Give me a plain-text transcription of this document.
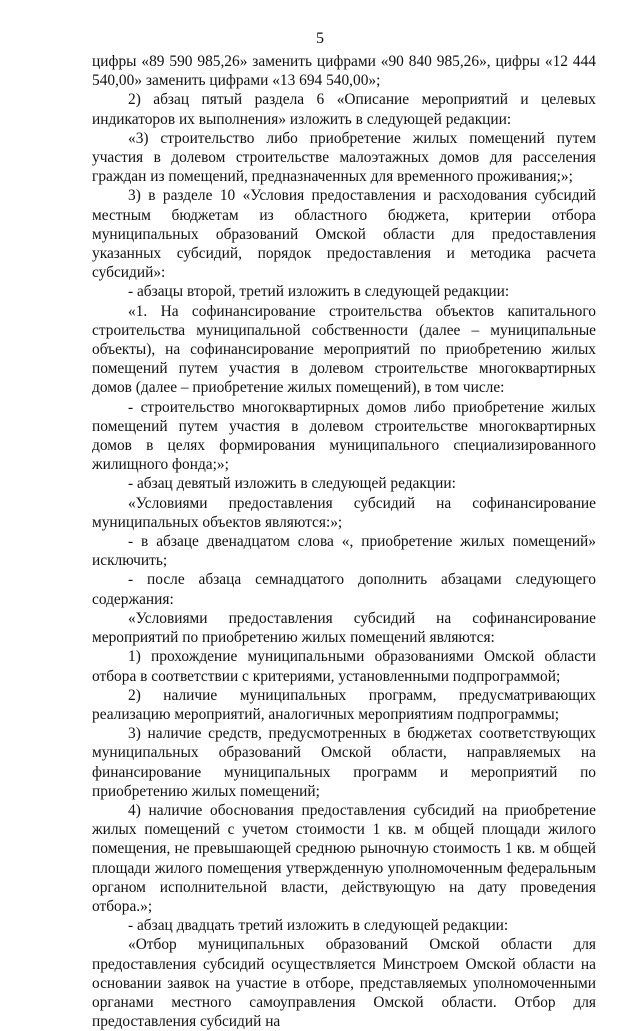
5

цифры «89 590 985,26» заменить цифрами «90 840 985,26», цифры «12 444 540,00» заменить цифрами «13 694 540,00»;

2) абзац пятый раздела 6 «Описание мероприятий и целевых индикаторов их выполнения» изложить в следующей редакции:

«3) строительство либо приобретение жилых помещений путем участия в долевом строительстве малоэтажных домов для расселения граждан из помещений, предназначенных для временного проживания;»;

3) в разделе 10 «Условия предоставления и расходования субсидий местным бюджетам из областного бюджета, критерии отбора муниципальных образований Омской области для предоставления указанных субсидий, порядок предоставления и методика расчета субсидий»:

- абзацы второй, третий изложить в следующей редакции:

«1. На софинансирование строительства объектов капитального строительства муниципальной собственности (далее – муниципальные объекты), на софинансирование мероприятий по приобретению жилых помещений путем участия в долевом строительстве многоквартирных домов (далее – приобретение жилых помещений), в том числе:

- строительство многоквартирных домов либо приобретение жилых помещений путем участия в долевом строительстве многоквартирных домов в целях формирования муниципального специализированного жилищного фонда;»;

- абзац девятый изложить в следующей редакции:

«Условиями предоставления субсидий на софинансирование муниципальных объектов являются:»;

- в абзаце двенадцатом слова «, приобретение жилых помещений» исключить;

- после абзаца семнадцатого дополнить абзацами следующего содержания:

«Условиями предоставления субсидий на софинансирование мероприятий по приобретению жилых помещений являются:

1) прохождение муниципальными образованиями Омской области отбора в соответствии с критериями, установленными подпрограммой;

2) наличие муниципальных программ, предусматривающих реализацию мероприятий, аналогичных мероприятиям подпрограммы;

3) наличие средств, предусмотренных в бюджетах соответствующих муниципальных образований Омской области, направляемых на финансирование муниципальных программ и мероприятий по приобретению жилых помещений;

4) наличие обоснования предоставления субсидий на приобретение жилых помещений с учетом стоимости 1 кв. м общей площади жилого помещения, не превышающей среднюю рыночную стоимость 1 кв. м общей площади жилого помещения утвержденную уполномоченным федеральным органом исполнительной власти, действующую на дату проведения отбора.»;

- абзац двадцать третий изложить в следующей редакции:

«Отбор муниципальных образований Омской области для предоставления субсидий осуществляется Минстроем Омской области на основании заявок на участие в отборе, представляемых уполномоченными органами местного самоуправления Омской области. Отбор для предоставления субсидий на
